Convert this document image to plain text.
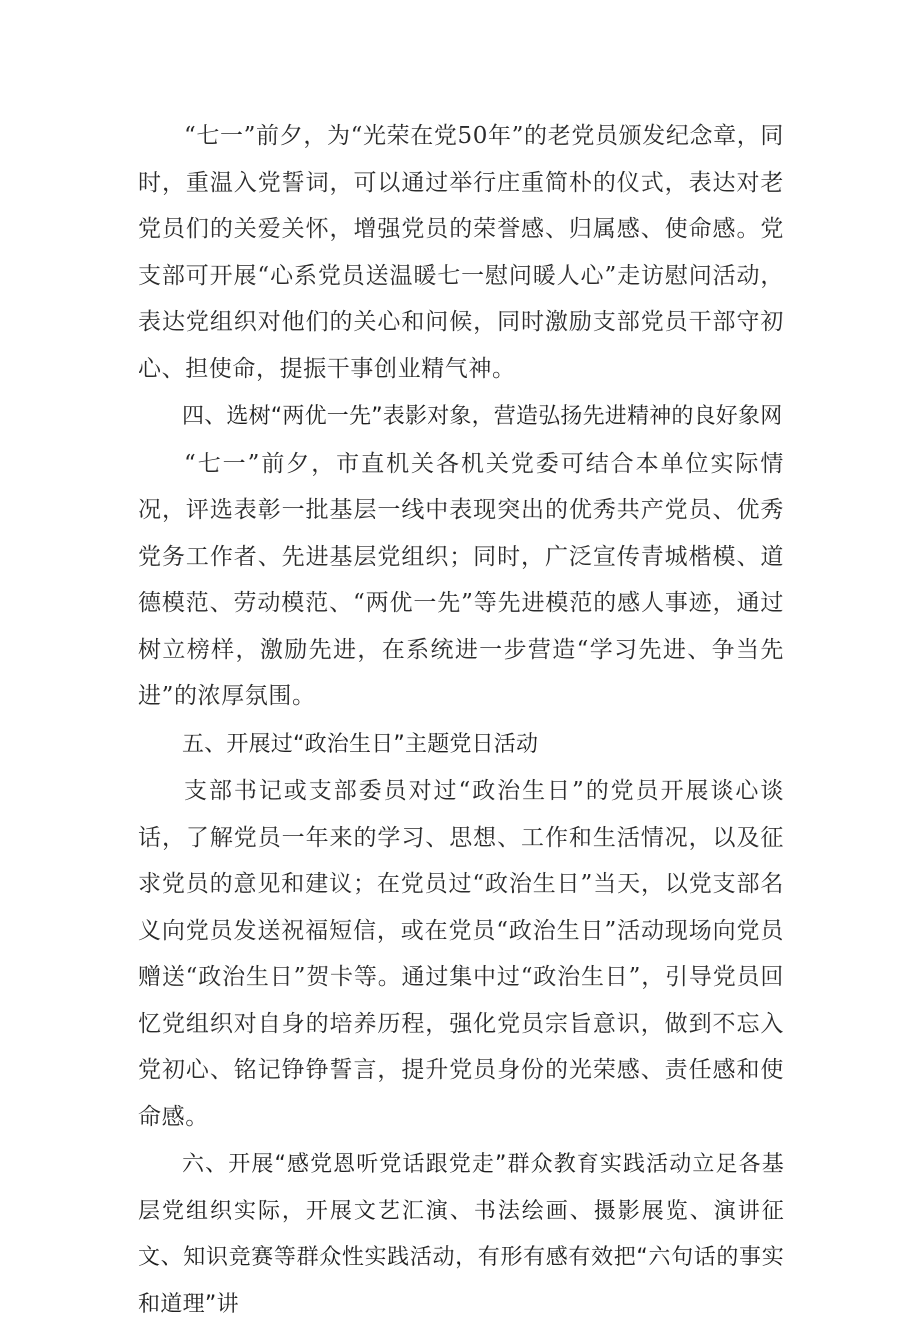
“七一”前夕，为“光荣在党50年”的老党员颁发纪念章，同时，重温入党誓词，可以通过举行庄重简朴的仪式，表达对老党员们的关爱关怀，增强党员的荣誉感、归属感、使命感。党支部可开展“心系党员送温暖七一慰问暖人心”走访慰问活动，表达党组织对他们的关心和问候，同时激励支部党员干部守初心、担使命，提振干事创业精气神。

四、选树“两优一先”表影对象，营造弘扬先进精神的良好象网

“七一”前夕，市直机关各机关党委可结合本单位实际情况，评选表彰一批基层一线中表现突出的优秀共产党员、优秀党务工作者、先进基层党组织；同时，广泛宣传青城楷模、道德模范、劳动模范、“两优一先”等先进模范的感人事迹，通过树立榜样，激励先进，在系统进一步营造“学习先进、争当先进”的浓厚氛围。

五、开展过“政治生日”主题党日活动

支部书记或支部委员对过“政治生日”的党员开展谈心谈话，了解党员一年来的学习、思想、工作和生活情况，以及征求党员的意见和建议；在党员过“政治生日”当天，以党支部名义向党员发送祝福短信，或在党员“政治生日”活动现场向党员赠送“政治生日”贺卡等。通过集中过“政治生日”，引导党员回忆党组织对自身的培养历程，强化党员宗旨意识，做到不忘入党初心、铭记铮铮誓言，提升党员身份的光荣感、责任感和使命感。

六、开展“感党恩听党话跟党走”群众教育实践活动立足各基层党组织实际，开展文艺汇演、书法绘画、摄影展览、演讲征文、知识竞赛等群众性实践活动，有形有感有效把“六句话的事实和道理”讲
